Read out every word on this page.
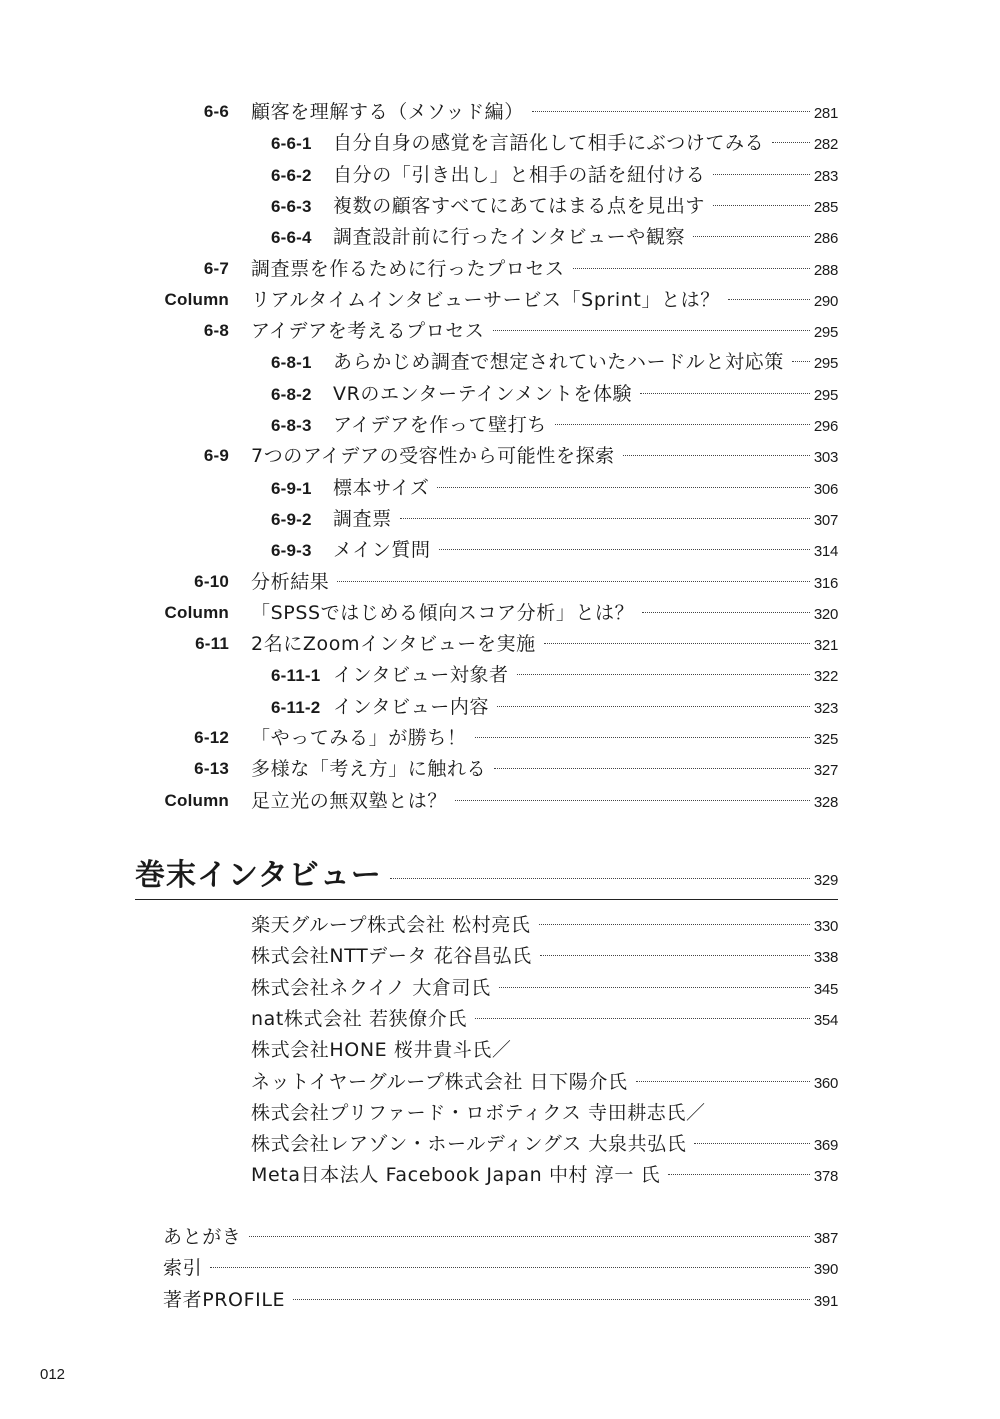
6-6 顧客を理解する（メソッド編）	281
6-6-1	自分自身の感覚を言語化して相手にぶつけてみる	282
6-6-2	自分の「引き出し」と相手の話を紐付ける	283
6-6-3	複数の顧客すべてにあてはまる点を見出す	285
6-6-4	調査設計前に行ったインタビューや観察	286
6-7 調査票を作るために行ったプロセス	288
Column リアルタイムインタビューサービス「Sprint」とは？	290
6-8 アイデアを考えるプロセス	295
6-8-1	あらかじめ調査で想定されていたハードルと対応策 295
6-8-2	VRのエンターテインメントを体験	295
6-8-3	アイデアを作って壁打ち	296
6-9 7つのアイデアの受容性から可能性を探索	303
6-9-1	標本サイズ	306
6-9-2	調査票	307
6-9-3	メイン質問	314
6-10 分析結果	316
Column 「SPSSではじめる傾向スコア分析」とは？	320
6-11 2名にZoomインタビューを実施	321
6-11-1 インタビュー対象者	322
6-11-2 インタビュー内容	323
6-12 「やってみる」が勝ち！	325
6-13 多様な「考え方」に触れる	327
Column 足立光の無双塾とは？	328
巻末インタビュー	329
楽天グループ株式会社 松村亮氏	330
株式会社NTTデータ 花谷昌弘氏	338
株式会社ネクイノ 大倉司氏	345
nat株式会社 若狭僚介氏	354
株式会社HONE 桜井貴斗氏／
ネットイヤーグループ株式会社 日下陽介氏	360
株式会社プリファード・ロボティクス 寺田耕志氏／
株式会社レアゾン・ホールディングス 大泉共弘氏	369
Meta日本法人 Facebook Japan 中村 淳一 氏	378
あとがき	387
索引	390
著者PROFILE	391
012
